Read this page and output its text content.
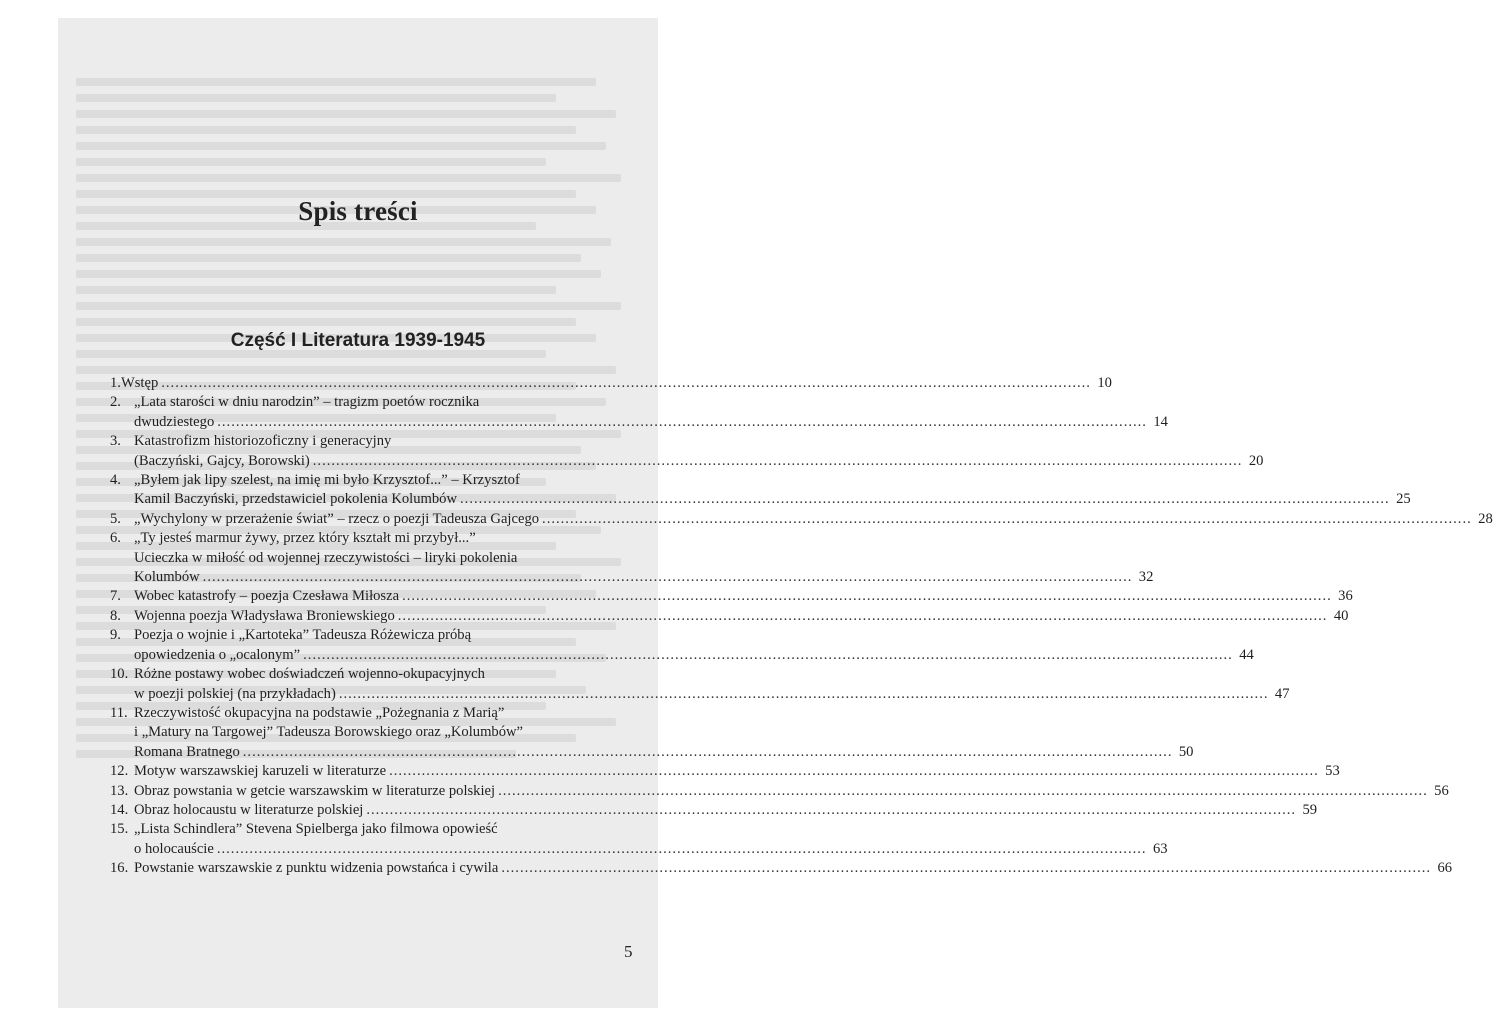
Spis treści
Część I Literatura 1939-1945
1. Wstęp ........................................................................................................................................................................................................ 10
2. „Lata starości w dniu narodzin” – tragizm poetów rocznika
dwudziestego ........................................................................................................................................................................................................ 14
3. Katastrofizm historiozoficzny i generacyjny
(Baczyński, Gajcy, Borowski) ........................................................................................................................................................................................................ 20
4. „Byłem jak lipy szelest, na imię mi było Krzysztof...” – Krzysztof
Kamil Baczyński, przedstawiciel pokolenia Kolumbów ........................................................................................................................................................................................................ 25
5. „Wychylony w przerażenie świat” – rzecz o poezji Tadeusza Gajcego ........................................................................................................................................................................................................ 28
6. „Ty jesteś marmur żywy, przez który kształt mi przybył...”
Ucieczka w miłość od wojennej rzeczywistości – liryki pokolenia
Kolumbów ........................................................................................................................................................................................................ 32
7. Wobec katastrofy – poezja Czesława Miłosza ........................................................................................................................................................................................................ 36
8. Wojenna poezja Władysława Broniewskiego ........................................................................................................................................................................................................ 40
9. Poezja o wojnie i „Kartoteka” Tadeusza Różewicza próbą
opowiedzenia o „ocalonym” ........................................................................................................................................................................................................ 44
10. Różne postawy wobec doświadczeń wojenno-okupacyjnych
w poezji polskiej (na przykładach) ........................................................................................................................................................................................................ 47
11. Rzeczywistość okupacyjna na podstawie „Pożegnania z Marią”
i „Matury na Targowej” Tadeusza Borowskiego oraz „Kolumbów”
Romana Bratnego ........................................................................................................................................................................................................ 50
12. Motyw warszawskiej karuzeli w literaturze ........................................................................................................................................................................................................ 53
13. Obraz powstania w getcie warszawskim w literaturze polskiej ........................................................................................................................................................................................................ 56
14. Obraz holocaustu w literaturze polskiej ........................................................................................................................................................................................................ 59
15. „Lista Schindlera” Stevena Spielberga jako filmowa opowieść
o holocauście ........................................................................................................................................................................................................ 63
16. Powstanie warszawskie z punktu widzenia powstańca i cywila ........................................................................................................................................................................................................ 66
5
